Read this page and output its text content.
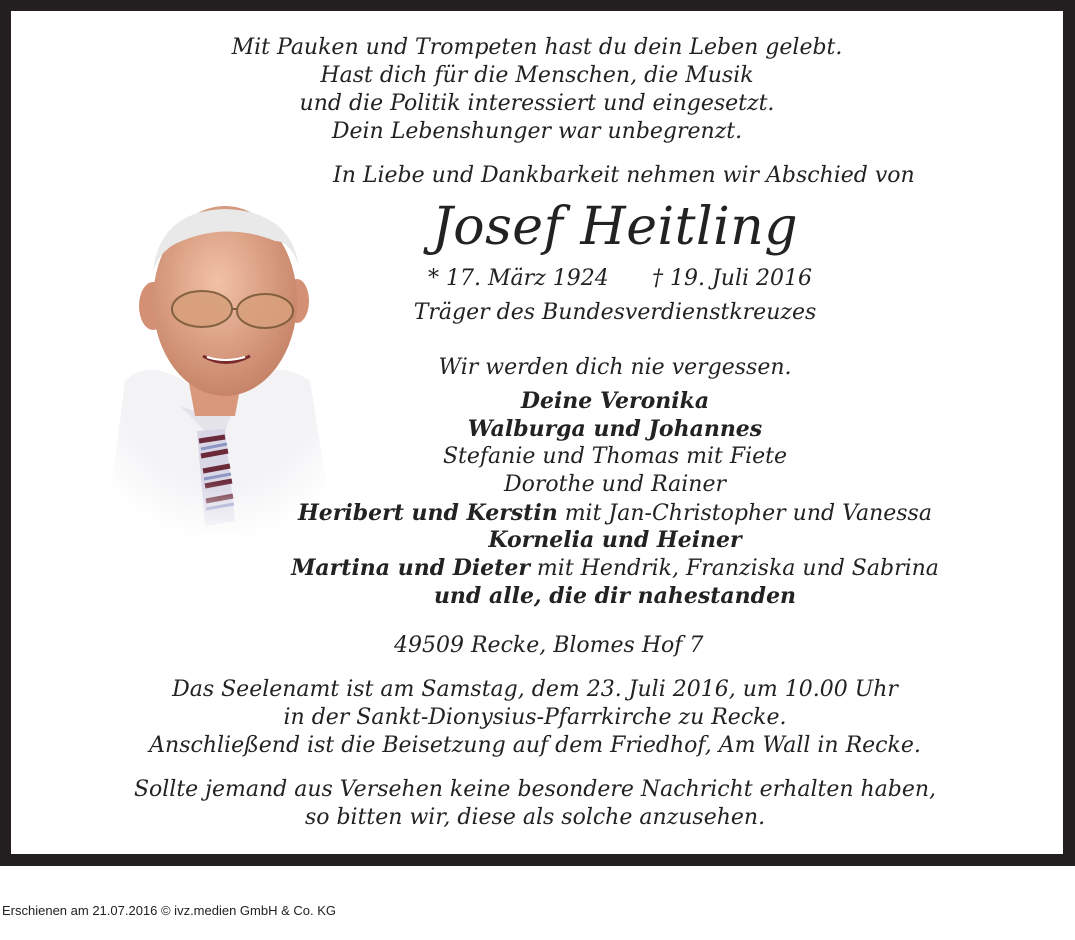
Mit Pauken und Trompeten hast du dein Leben gelebt.
Hast dich für die Menschen, die Musik
und die Politik interessiert und eingesetzt.
Dein Lebenshunger war unbegrenzt.
In Liebe und Dankbarkeit nehmen wir Abschied von
Josef Heitling
* 17. März 1924 † 19. Juli 2016
Träger des Bundesverdienstkreuzes
Wir werden dich nie vergessen.
Deine Veronika
Walburga und Johannes
Stefanie und Thomas mit Fiete
Dorothe und Rainer
Heribert und Kerstin mit Jan-Christopher und Vanessa
Kornelia und Heiner
Martina und Dieter mit Hendrik, Franziska und Sabrina
und alle, die dir nahestanden
49509 Recke, Blomes Hof 7
Das Seelenamt ist am Samstag, dem 23. Juli 2016, um 10.00 Uhr
in der Sankt-Dionysius-Pfarrkirche zu Recke.
Anschließend ist die Beisetzung auf dem Friedhof, Am Wall in Recke.
Sollte jemand aus Versehen keine besondere Nachricht erhalten haben,
so bitten wir, diese als solche anzusehen.
Erschienen am 21.07.2016 © ivz.medien GmbH & Co. KG
